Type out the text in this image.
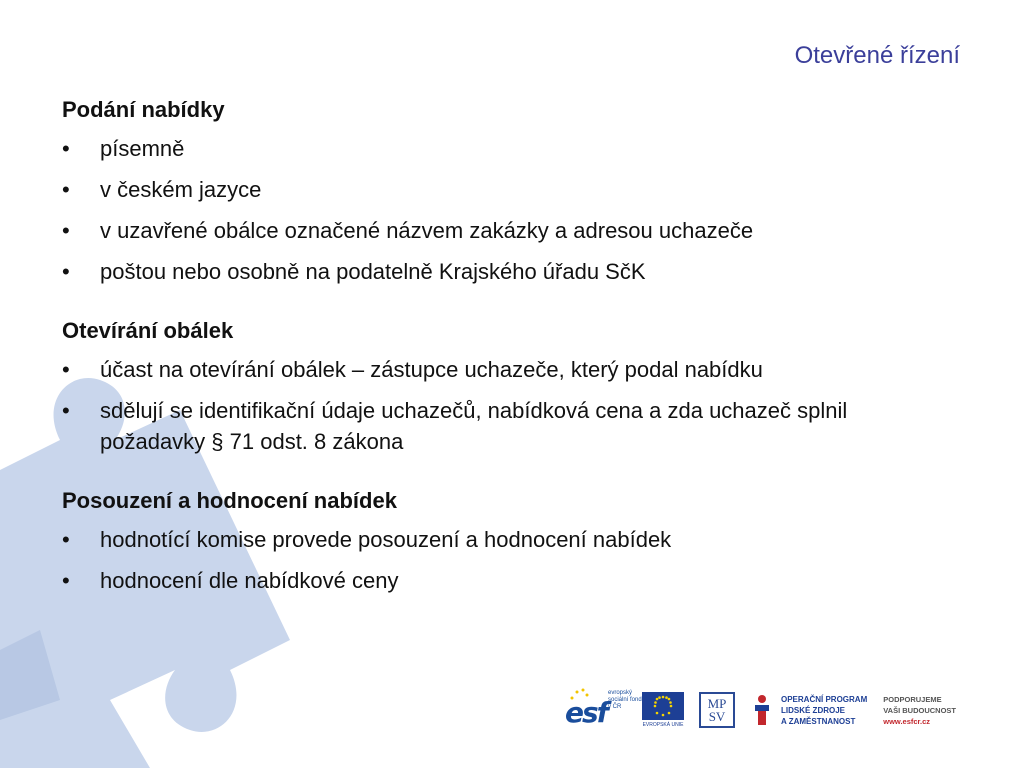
Otevřené řízení
Podání nabídky
•	písemně
•	v českém jazyce
•	v uzavřené obálce označené názvem zakázky a adresou uchazeče
•	poštou nebo osobně na podatelně Krajského úřadu SčK
Otevírání obálek
•	účast na otevírání obálek – zástupce uchazeče, který podal nabídku
•	sdělují se identifikační údaje uchazečů, nabídková cena a zda uchazeč splnil požadavky § 71 odst. 8 zákona
Posouzení a hodnocení nabídek
•	hodnotící komise provede posouzení a hodnocení nabídek
•	hodnocení dle nabídkové ceny
esf
evropský sociální fond v ČR
EVROPSKÁ UNIE
MP SV
OPERAČNÍ PROGRAM
LIDSKÉ ZDROJE
A ZAMĚSTNANOST
PODPORUJEME
VAŠI BUDOUCNOST
www.esfcr.cz
